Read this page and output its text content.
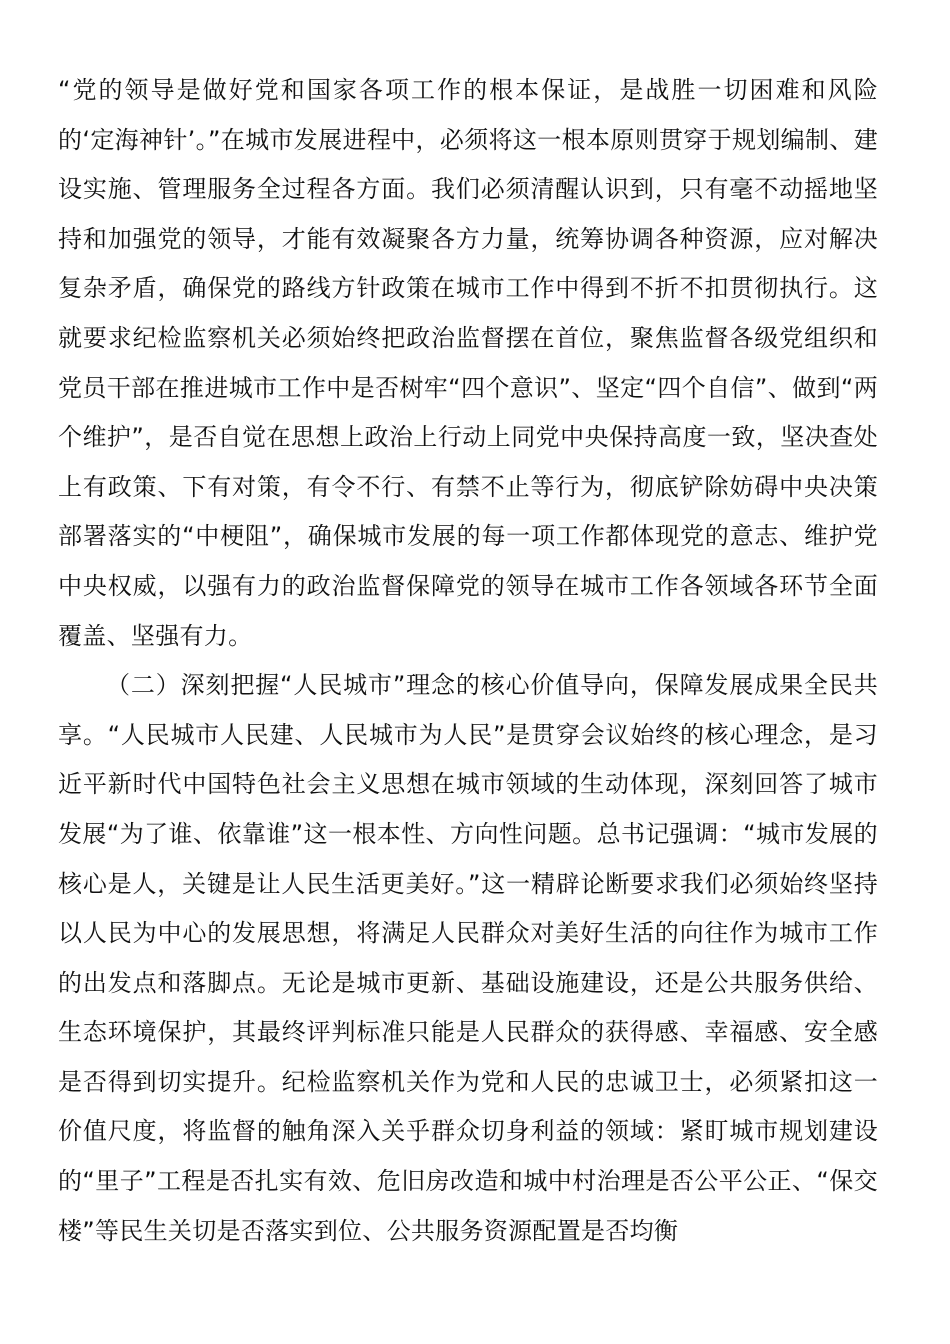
“党的领导是做好党和国家各项工作的根本保证，是战胜一切困难和风险的‘定海神针’。”在城市发展进程中，必须将这一根本原则贯穿于规划编制、建设实施、管理服务全过程各方面。我们必须清醒认识到，只有毫不动摇地坚持和加强党的领导，才能有效凝聚各方力量，统筹协调各种资源，应对解决复杂矛盾，确保党的路线方针政策在城市工作中得到不折不扣贯彻执行。这就要求纪检监察机关必须始终把政治监督摆在首位，聚焦监督各级党组织和党员干部在推进城市工作中是否树牢“四个意识”、坚定“四个自信”、做到“两个维护”，是否自觉在思想上政治上行动上同党中央保持高度一致，坚决查处上有政策、下有对策，有令不行、有禁不止等行为，彻底铲除妨碍中央决策部署落实的“中梗阻”，确保城市发展的每一项工作都体现党的意志、维护党中央权威，以强有力的政治监督保障党的领导在城市工作各领域各环节全面覆盖、坚强有力。

（二）深刻把握“人民城市”理念的核心价值导向，保障发展成果全民共享。“人民城市人民建、人民城市为人民”是贯穿会议始终的核心理念，是习近平新时代中国特色社会主义思想在城市领域的生动体现，深刻回答了城市发展“为了谁、依靠谁”这一根本性、方向性问题。总书记强调：“城市发展的核心是人，关键是让人民生活更美好。”这一精辟论断要求我们必须始终坚持以人民为中心的发展思想，将满足人民群众对美好生活的向往作为城市工作的出发点和落脚点。无论是城市更新、基础设施建设，还是公共服务供给、生态环境保护，其最终评判标准只能是人民群众的获得感、幸福感、安全感是否得到切实提升。纪检监察机关作为党和人民的忠诚卫士，必须紧扣这一价值尺度，将监督的触角深入关乎群众切身利益的领域：紧盯城市规划建设的“里子”工程是否扎实有效、危旧房改造和城中村治理是否公平公正、“保交楼”等民生关切是否落实到位、公共服务资源配置是否均衡
